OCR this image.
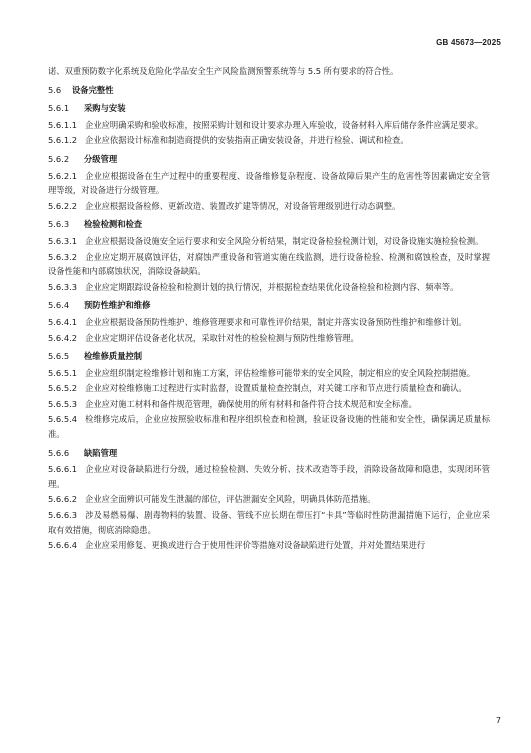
GB 45673—2025

诺、双重预防数字化系统及危险化学品安全生产风险监测预警系统等与 5.5 所有要求的符合性。

5.6 设备完整性
5.6.1 采购与安装

5.6.1.1 企业应明确采购和验收标准，按照采购计划和设计要求办理入库验收，设备材料入库后储存条件应满足要求。

5.6.1.2 企业应依据设计标准和制造商提供的安装指南正确安装设备，并进行检验、调试和检查。

5.6.2 分级管理

5.6.2.1 企业应根据设备在生产过程中的重要程度、设备维修复杂程度、设备故障后果产生的危害性等因素确定安全管理等级，对设备进行分级管理。

5.6.2.2 企业应根据设备检修、更新改造、装置改扩建等情况，对设备管理级别进行动态调整。

5.6.3 检验检测和检查

5.6.3.1 企业应根据设备设施安全运行要求和安全风险分析结果，制定设备检验检测计划，对设备设施实施检验检测。

5.6.3.2 企业应定期开展腐蚀评估，对腐蚀严重设备和管道实施在线监测，进行设备检验、检测和腐蚀检查，及时掌握设备性能和内部腐蚀状况，消除设备缺陷。

5.6.3.3 企业应定期跟踪设备检验和检测计划的执行情况，并根据检查结果优化设备检验和检测内容、频率等。

5.6.4 预防性维护和维修

5.6.4.1 企业应根据设备预防性维护、维修管理要求和可靠性评价结果，制定并落实设备预防性维护和维修计划。

5.6.4.2 企业应定期评估设备老化状况，采取针对性的检验检测与预防性维修管理。

5.6.5 检维修质量控制

5.6.5.1 企业应组织制定检维修计划和施工方案，评估检维修可能带来的安全风险，制定相应的安全风险控制措施。

5.6.5.2 企业应对检维修施工过程进行实时监督，设置质量检查控制点，对关键工序和节点进行质量检查和确认。

5.6.5.3 企业应对施工材料和备件规范管理，确保使用的所有材料和备件符合技术规范和安全标准。

5.6.5.4 检维修完成后，企业应按照验收标准和程序组织检查和检测，验证设备设施的性能和安全性，确保满足质量标准。

5.6.6 缺陷管理

5.6.6.1 企业应对设备缺陷进行分级，通过检验检测、失效分析、技术改造等手段，消除设备故障和隐患，实现闭环管理。

5.6.6.2 企业应全面辨识可能发生泄漏的部位，评估泄漏安全风险，明确具体防范措施。

5.6.6.3 涉及易燃易爆、剧毒物料的装置、设备、管线不应长期在带压打“卡具”等临时性防泄漏措施下运行，企业应采取有效措施，彻底消除隐患。

5.6.6.4 企业应采用修复、更换或进行合于使用性评价等措施对设备缺陷进行处置，并对处置结果进行

7
